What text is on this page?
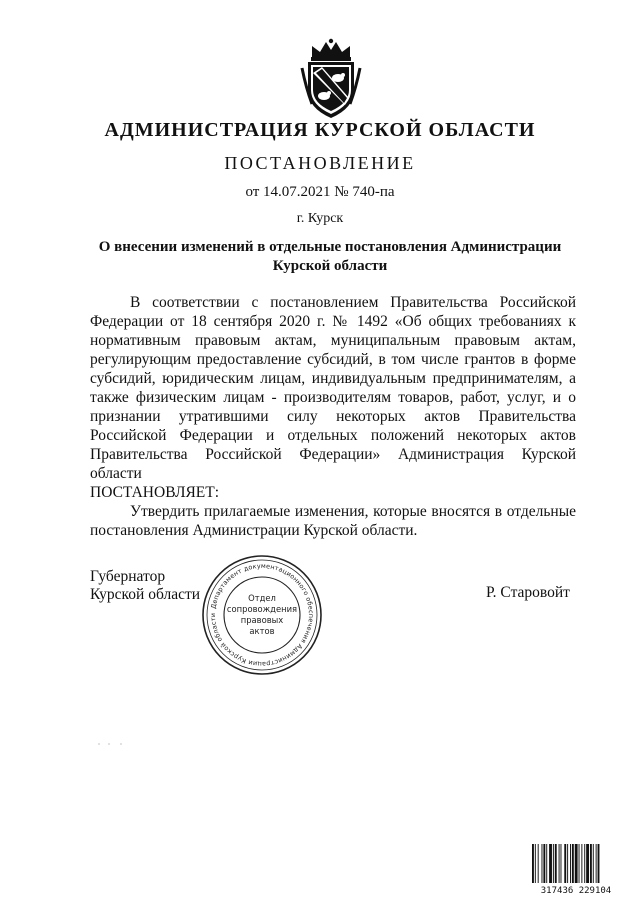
АДМИНИСТРАЦИЯ КУРСКОЙ ОБЛАСТИ
ПОСТАНОВЛЕНИЕ
от 14.07.2021 № 740-па
г. Курск
О внесении изменений в отдельные постановления Администрации
Курской области

В соответствии с постановлением Правительства Российской Федерации от 18 сентября 2020 г. № 1492 «Об общих требованиях к нормативным правовым актам, муниципальным правовым актам, регулирующим предоставление субсидий, в том числе грантов в форме субсидий, юридическим лицам, индивидуальным предпринимателям, а также физическим лицам - производителям товаров, работ, услуг, и о признании утратившими силу некоторых актов Правительства Российской Федерации и отдельных положений некоторых актов Правительства Российской Федерации» Администрация Курской области

ПОСТАНОВЛЯЕТ:

Утвердить прилагаемые изменения, которые вносятся в отдельные постановления Администрации Курской области.

Губернатор
Курской области	Р. Старовойт
Департамент документационного обеспечения Администрации Курской области
Отдел
сопровождения
правовых
актов
317436 229104
